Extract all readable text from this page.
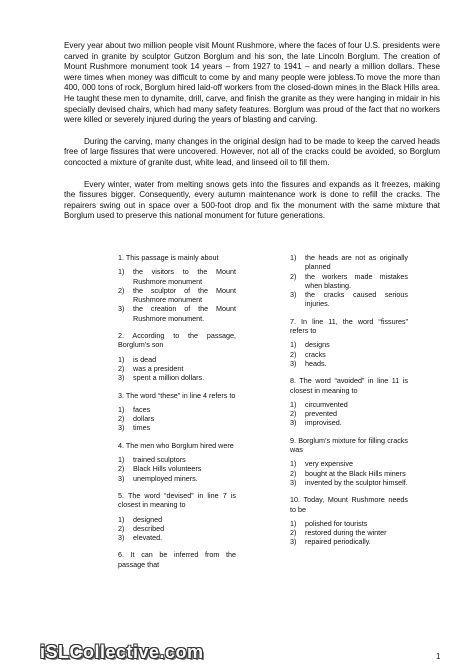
Every year about two million people visit Mount Rushmore, where the faces of four U.S. presidents were carved in granite by sculptor Gutzon Borglum and his son, the late Lincoln Borglum. The creation of Mount Rushmore monument took 14 years – from 1927 to 1941 – and nearly a million dollars. These were times when money was difficult to come by and many people were jobless.To move the more than 400, 000 tons of rock, Borglum hired laid-off workers from the closed-down mines in the Black Hills area. He taught these men to dynamite, drill, carve, and finish the granite as they were hanging in midair in his specially devised chairs, which had many safety features. Borglum was proud of the fact that no workers were killed or severely injured during the years of blasting and carving.

During the carving, many changes in the original design had to be made to keep the carved heads free of large fissures that were uncovered. However, not all of the cracks could be avoided, so Borglum concocted a mixture of granite dust, white lead, and linseed oil to fill them.

Every winter, water from melting snows gets into the fissures and expands as it freezes, making the fissures bigger. Consequently, every autumn maintenance work is done to refill the cracks. The repairers swing out in space over a 500-foot drop and fix the monument with the same mixture that Borglum used to preserve this national monument for future generations.

1. This passage is mainly about
1)	the visitors to the Mount Rushmore monument
2)	the sculptor of the Mount Rushmore monument
3)	the creation of the Mount Rushmore monument.
2. According to the passage, Borglum’s son
1)	is dead
2)	was a president
3)	spent a million dollars.
3. The word “these” in line 4 refers to
1)	faces
2)	dollars
3)	times
4. The men who Borglum hired were
1)	trained sculptors
2)	Black Hills volunteers
3)	unemployed miners.
5. The word “devised” in line 7 is closest in meaning to
1)	designed
2)	described
3)	elevated.
6. It can be inferred from the passage that
1)	the heads are not as originally planned
2)	the workers made mistakes when blasting.
3)	the cracks caused serious injuries.
7. In line 11, the word “fissures” refers to
1)	designs
2)	cracks
3)	heads.
8. The word “avoided” in line 11 is closest in meaning to
1)	circumvented
2)	prevented
3)	improvised.
9. Borglum’s mixture for filling cracks was
1)	very expensive
2)	bought at the Black Hills miners
3)	invented by the sculptor himself.
10. Today, Mount Rushmore needs to be
1)	polished for tourists
2)	restored during the winter
3)	repaired periodically.
iSLCollective.com	1
